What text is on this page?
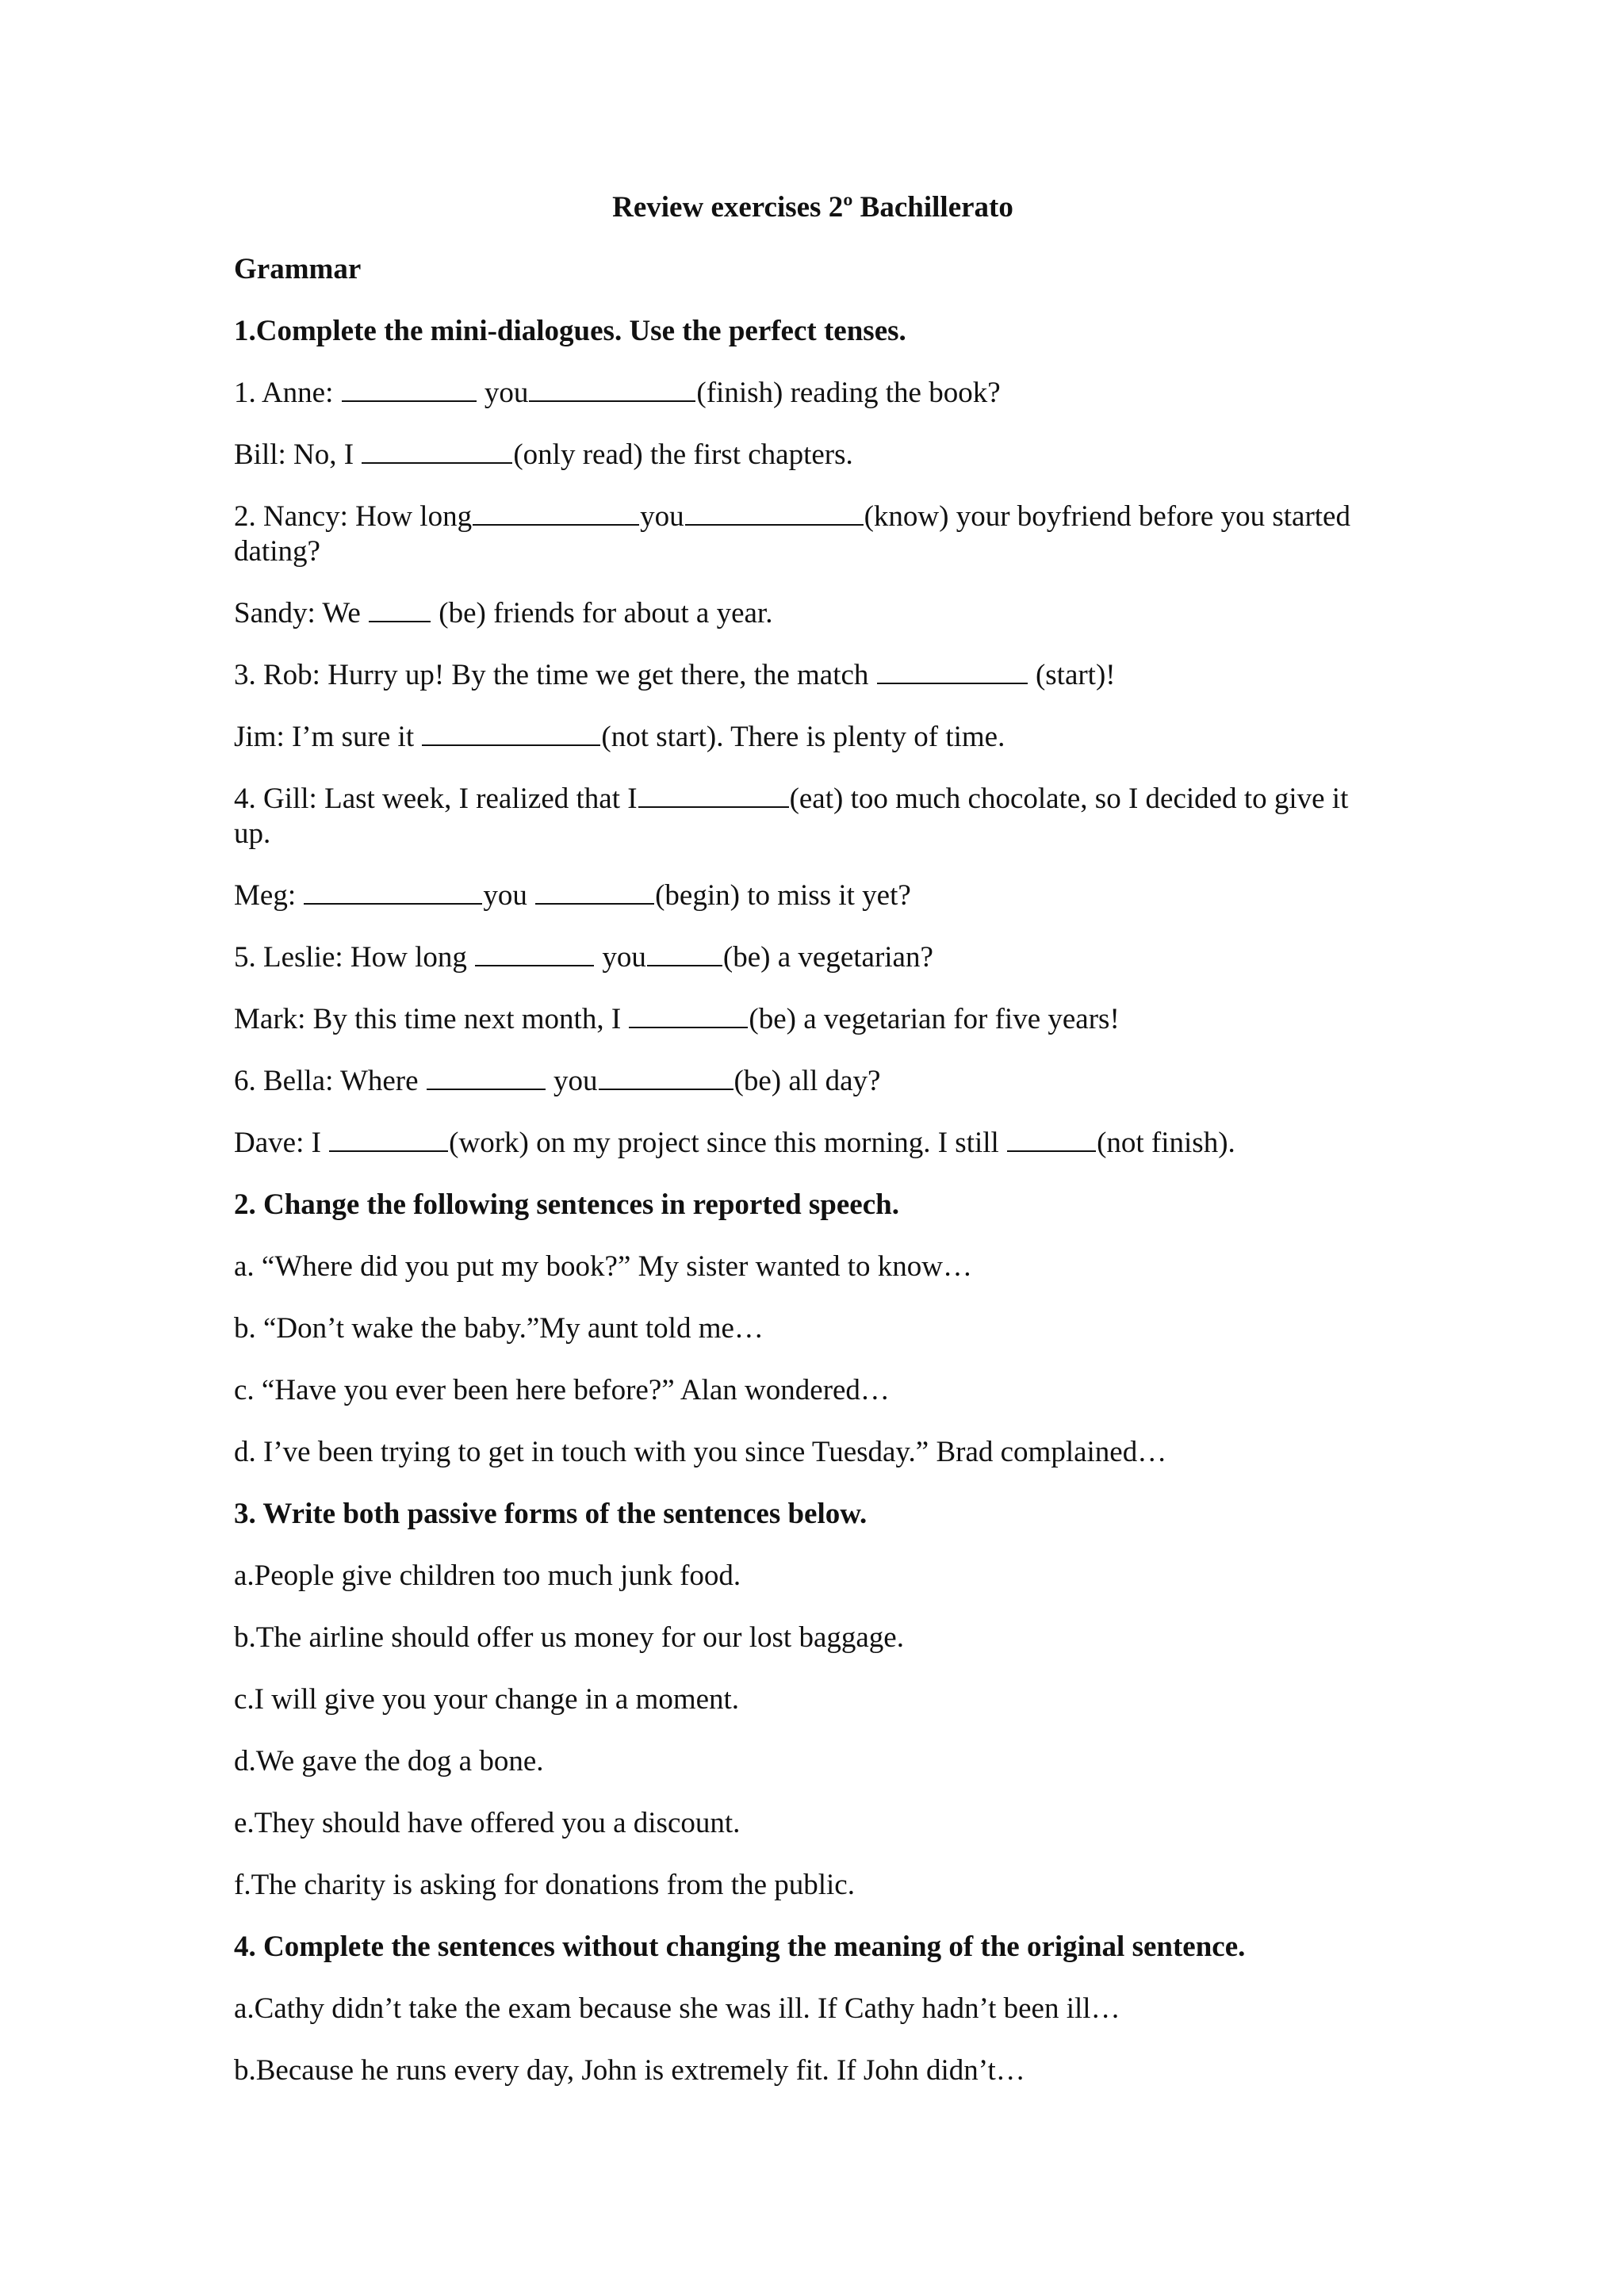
Review exercises 2º Bachillerato
Grammar
1.Complete the mini-dialogues. Use the perfect tenses.
1. Anne:	you	(finish) reading the book?
Bill: No, I	(only read) the first chapters.
2. Nancy: How long	you	(know) your boyfriend before you started dating?
Sandy: We  (be) friends for about a year.
3. Rob: Hurry up! By the time we get there, the match	(start)!
Jim: I’m sure it	(not start). There is plenty of time.
4. Gill: Last week, I realized that I	(eat) too much chocolate, so I decided to give it up.
Meg:	you	(begin) to miss it yet?
5. Leslie: How long	you	(be) a vegetarian?
Mark: By this time next month, I	(be) a vegetarian for five years!
6. Bella: Where	you	(be) all day?
Dave: I	(work) on my project since this morning. I still	(not finish).
2. Change the following sentences in reported speech.
a. “Where did you put my book?” My sister wanted to know…
b. “Don’t wake the baby.”My aunt told me…
c. “Have you ever been here before?” Alan wondered…
d. I’ve been trying to get in touch with you since Tuesday.” Brad complained…
3. Write both passive forms of the sentences below.
a.People give children too much junk food.
b.The airline should offer us money for our lost baggage.
c.I will give you your change in a moment.
d.We gave the dog a bone.
e.They should have offered you a discount.
f.The charity is asking for donations from the public.
4. Complete the sentences without changing the meaning of the original sentence.
a.Cathy didn’t take the exam because she was ill. If Cathy hadn’t been ill…
b.Because he runs every day, John is extremely fit. If John didn’t…
